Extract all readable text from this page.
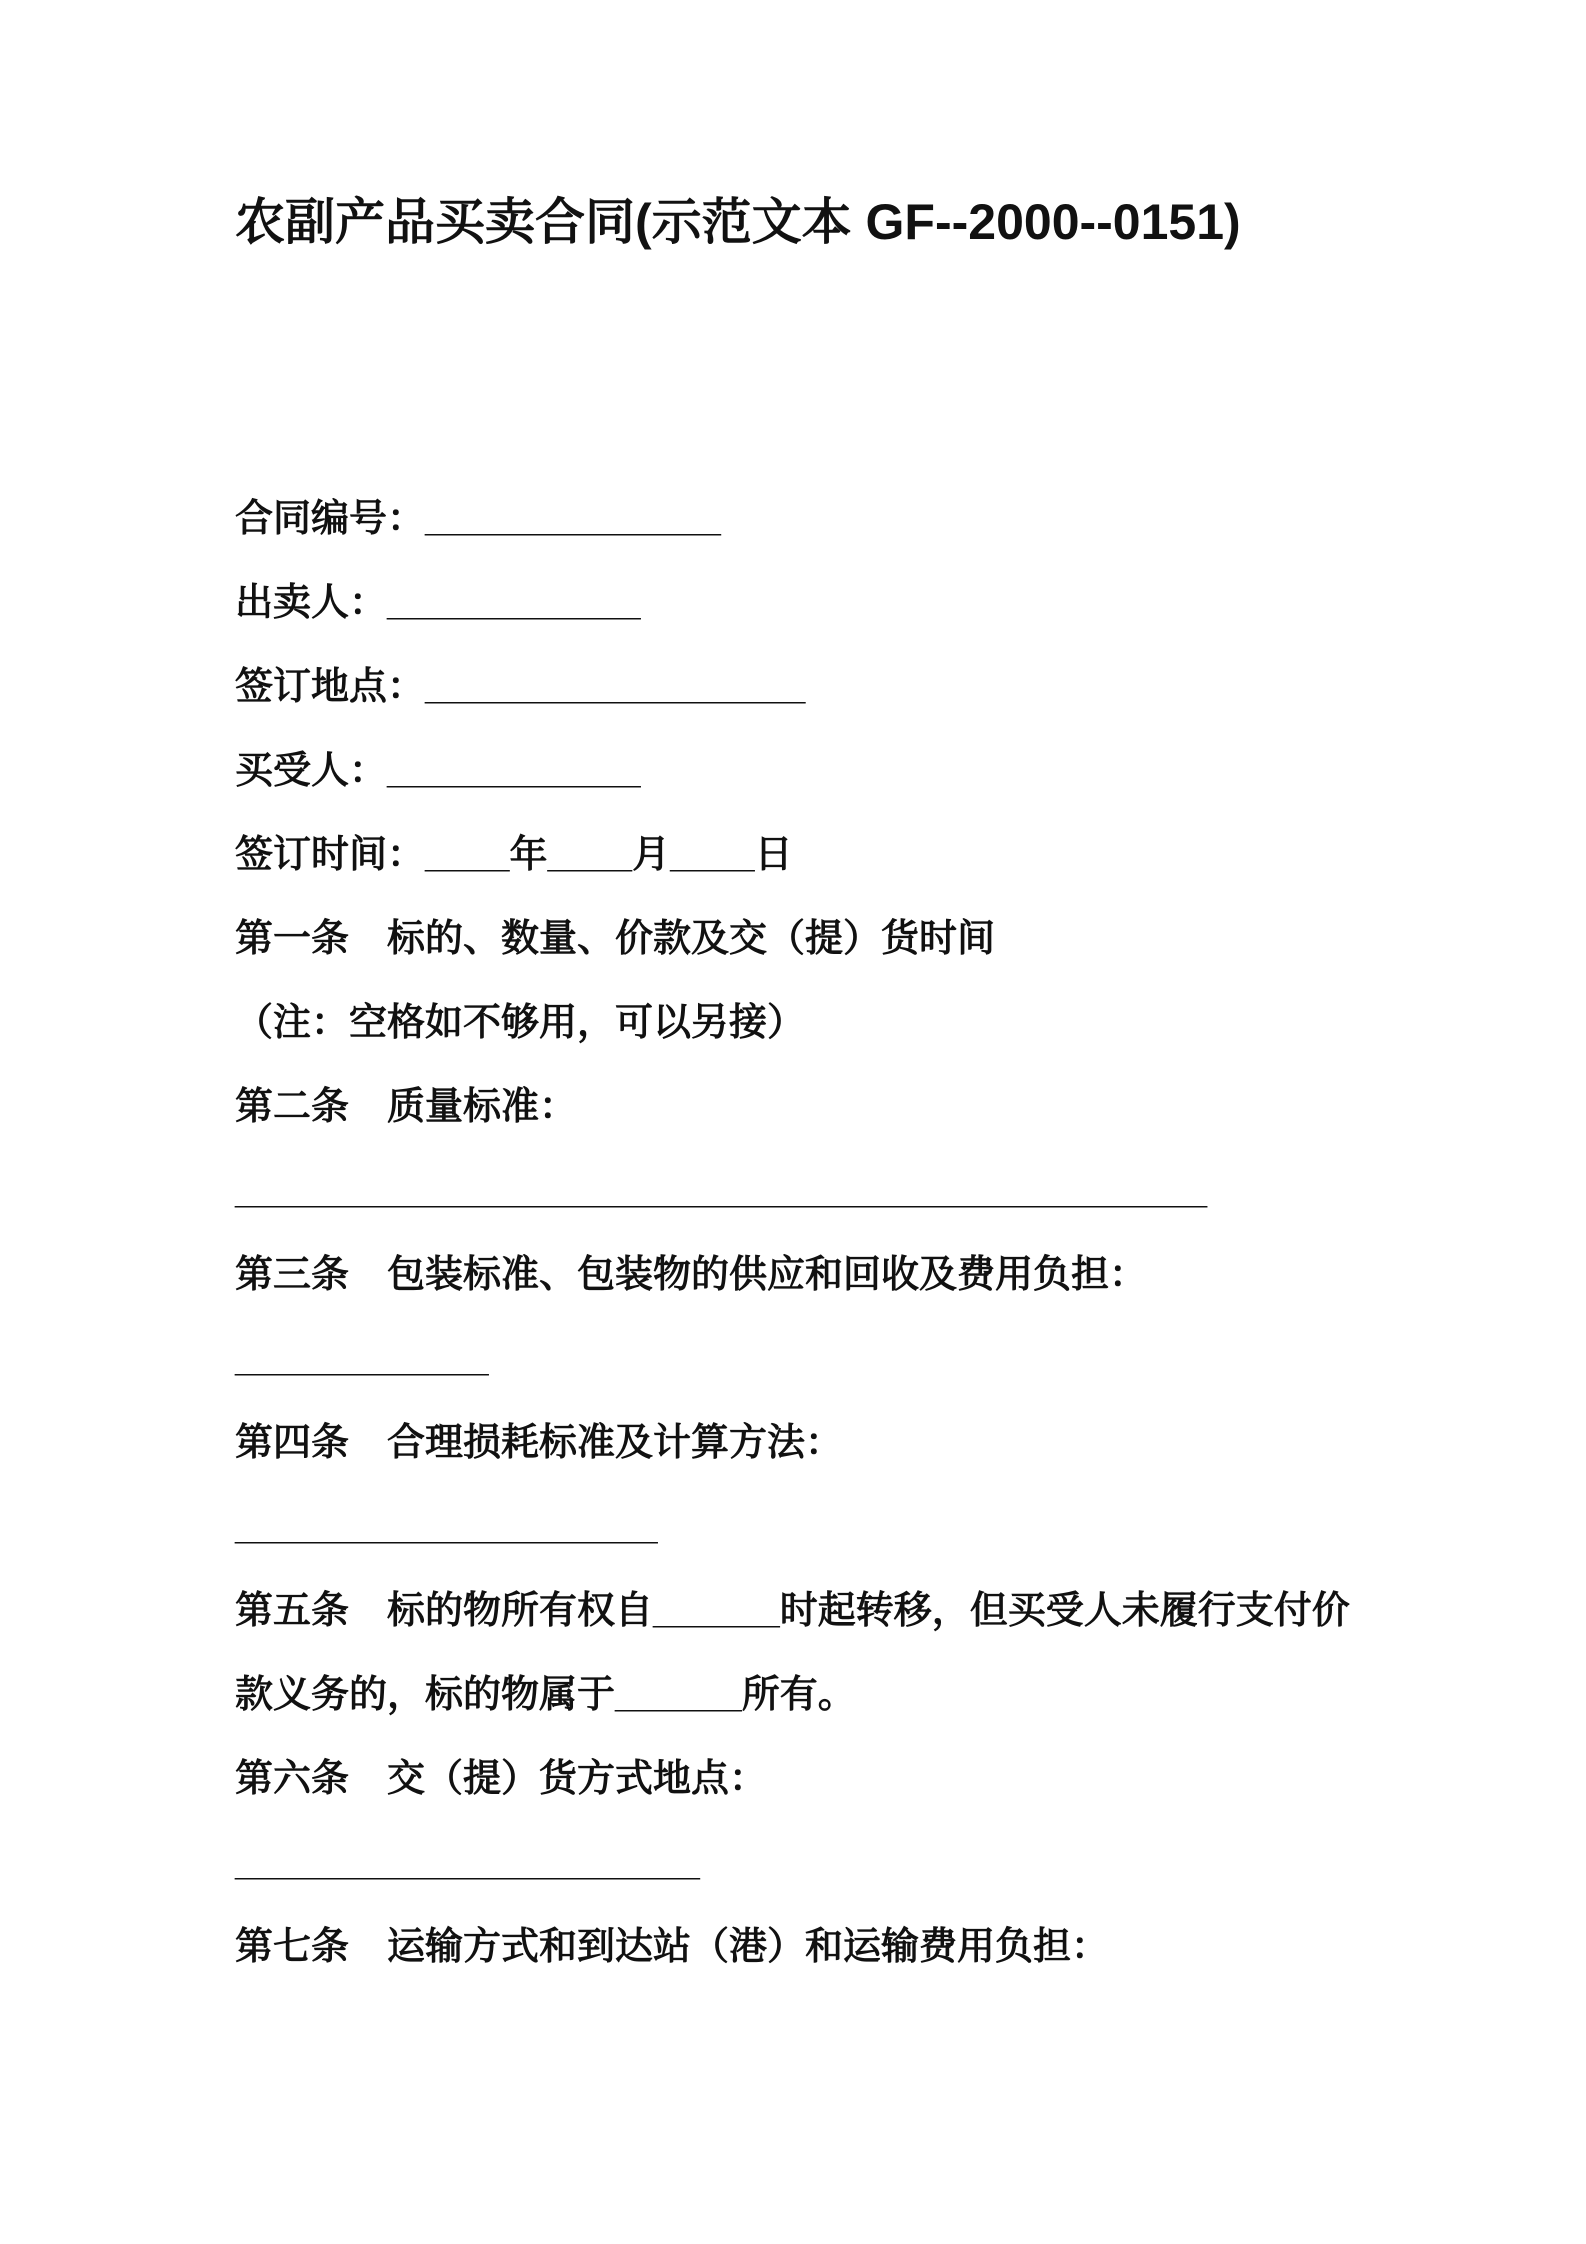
农副产品买卖合同(示范文本 GF--2000--0151)
合同编号：______________
出卖人：____________
签订地点：__________________
买受人：____________
签订时间：____年____月____日
第一条　标的、数量、价款及交（提）货时间
（注：空格如不够用，可以另接）
第二条　质量标准：
______________________________________________
第三条　包装标准、包装物的供应和回收及费用负担：
____________
第四条　合理损耗标准及计算方法：
____________________
第五条　标的物所有权自______时起转移，但买受人未履行支付价
款义务的，标的物属于______所有。
第六条　交（提）货方式地点：
______________________
第七条　运输方式和到达站（港）和运输费用负担：
